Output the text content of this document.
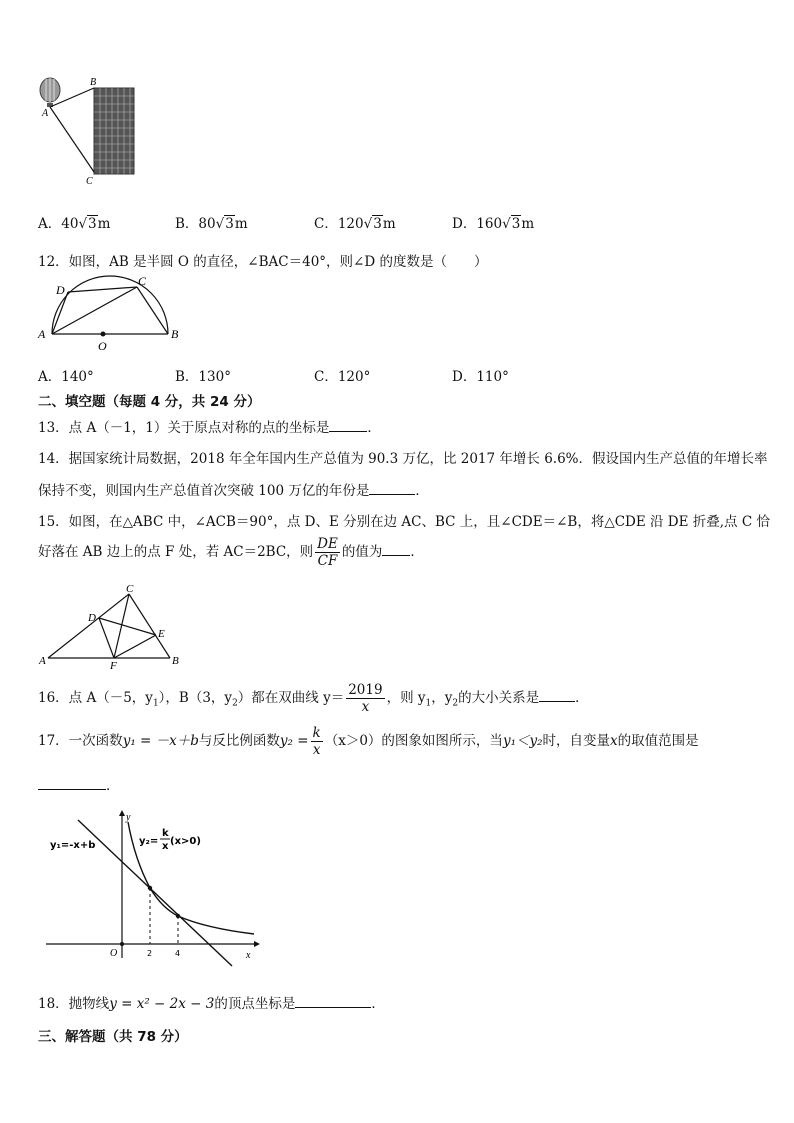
B
A
C
A．40√3m	B．80√3m	C．120√3m	D．160√3m
12．如图，AB 是半圆 O 的直径，∠BAC＝40°，则∠D 的度数是（　　）
A	B
C
D
O
A．140°	B．130°	C．120°	D．110°
二、填空题（每题 4 分，共 24 分）
13．点 A（－1，1）关于原点对称的点的坐标是	．
14．据国家统计局数据，2018 年全年国内生产总值为 90.3 万亿，比 2017 年增长 6.6%．假设国内生产总值的年增长率
保持不变，则国内生产总值首次突破 100 万亿的年份是	．
15．如图，在△ABC 中，∠ACB＝90°，点 D、E 分别在边 AC、BC 上，且∠CDE＝∠B，将△CDE 沿 DE 折叠,点 C 恰
好落在 AB 边上的点 F 处，若 AC＝2BC，则 $\frac{DE}{CF}$ 的值为 ．
A	B
C
D
E
F
16．点 A（－5，$y_1$），B（3，$y_2$）都在双曲线 $y= \frac{2019}{x}$ ，则 $y_1$，$y_2$的大小关系是	．
17．一次函数y₁ = －x＋b与反比例函数$y_2 = \frac{k}{x} (x>0)$的图象如图所示，当y₁＜y₂时，自变量x的取值范围是
．
y₁=-x+b	y₂=
k
x (x>0)
y
x
O	2	4
18．抛物线y = x² − 2x − 3的顶点坐标是	．
三、解答题（共 78 分）
